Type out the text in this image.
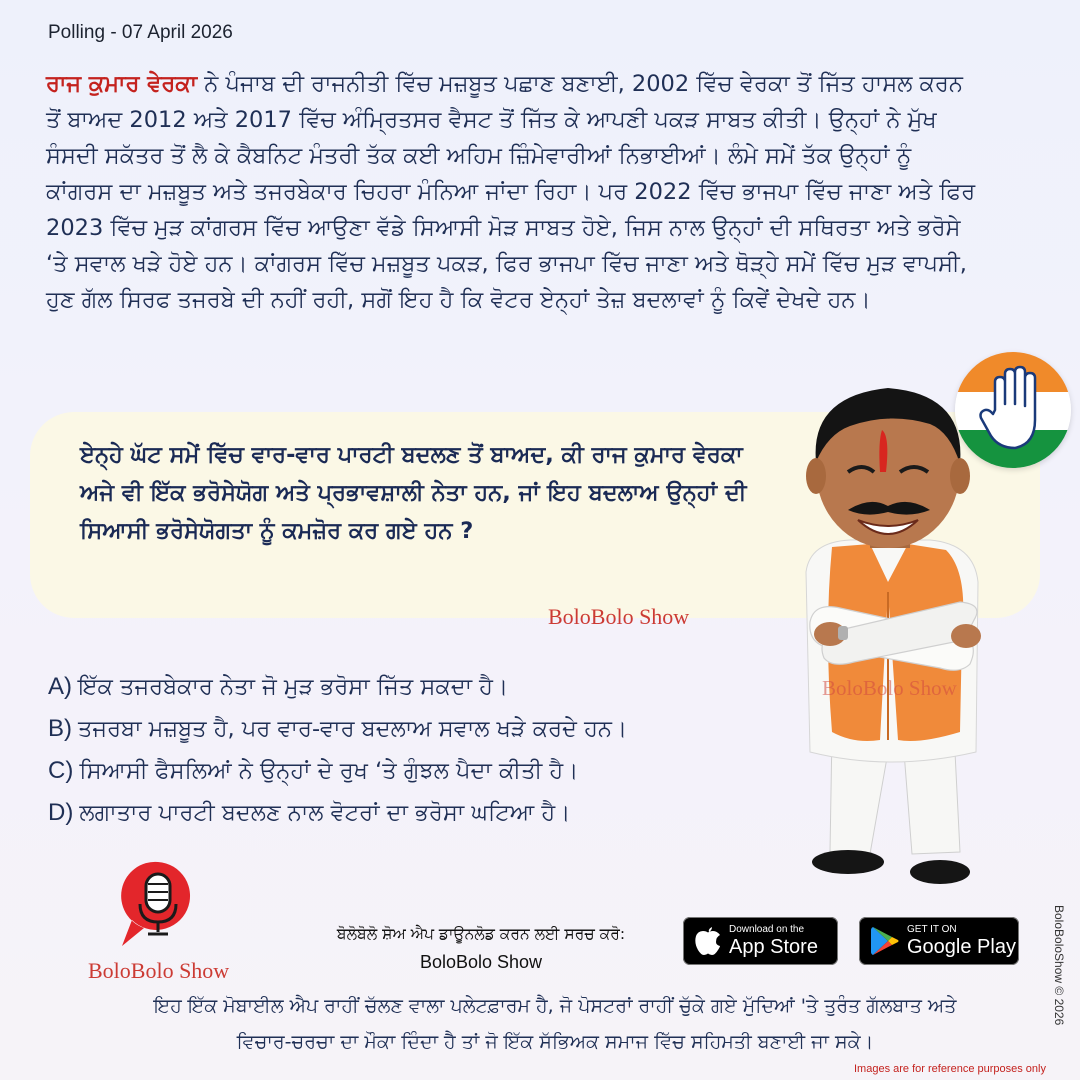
Polling - 07 April 2026

ਰਾਜ ਕੁਮਾਰ ਵੇਰਕਾ ਨੇ ਪੰਜਾਬ ਦੀ ਰਾਜਨੀਤੀ ਵਿੱਚ ਮਜ਼ਬੂਤ ਪਛਾਣ ਬਣਾਈ, 2002 ਵਿੱਚ ਵੇਰਕਾ ਤੋਂ ਜਿੱਤ ਹਾਸਲ ਕਰਨ ਤੋਂ ਬਾਅਦ 2012 ਅਤੇ 2017 ਵਿੱਚ ਅੰਮ੍ਰਿਤਸਰ ਵੈਸਟ ਤੋਂ ਜਿੱਤ ਕੇ ਆਪਣੀ ਪਕੜ ਸਾਬਤ ਕੀਤੀ। ਉਨ੍ਹਾਂ ਨੇ ਮੁੱਖ ਸੰਸਦੀ ਸਕੱਤਰ ਤੋਂ ਲੈ ਕੇ ਕੈਬਨਿਟ ਮੰਤਰੀ ਤੱਕ ਕਈ ਅਹਿਮ ਜ਼ਿੰਮੇਵਾਰੀਆਂ ਨਿਭਾਈਆਂ। ਲੰਮੇ ਸਮੇਂ ਤੱਕ ਉਨ੍ਹਾਂ ਨੂੰ ਕਾਂਗਰਸ ਦਾ ਮਜ਼ਬੂਤ ਅਤੇ ਤਜਰਬੇਕਾਰ ਚਿਹਰਾ ਮੰਨਿਆ ਜਾਂਦਾ ਰਿਹਾ। ਪਰ 2022 ਵਿੱਚ ਭਾਜਪਾ ਵਿੱਚ ਜਾਣਾ ਅਤੇ ਫਿਰ 2023 ਵਿੱਚ ਮੁੜ ਕਾਂਗਰਸ ਵਿੱਚ ਆਉਣਾ ਵੱਡੇ ਸਿਆਸੀ ਮੋੜ ਸਾਬਤ ਹੋਏ, ਜਿਸ ਨਾਲ ਉਨ੍ਹਾਂ ਦੀ ਸਥਿਰਤਾ ਅਤੇ ਭਰੋਸੇ ‘ਤੇ ਸਵਾਲ ਖੜੇ ਹੋਏ ਹਨ। ਕਾਂਗਰਸ ਵਿੱਚ ਮਜ਼ਬੂਤ ਪਕੜ, ਫਿਰ ਭਾਜਪਾ ਵਿੱਚ ਜਾਣਾ ਅਤੇ ਥੋੜ੍ਹੇ ਸਮੇਂ ਵਿੱਚ ਮੁੜ ਵਾਪਸੀ, ਹੁਣ ਗੱਲ ਸਿਰਫ ਤਜਰਬੇ ਦੀ ਨਹੀਂ ਰਹੀ, ਸਗੋਂ ਇਹ ਹੈ ਕਿ ਵੋਟਰ ਏਨ੍ਹਾਂ ਤੇਜ਼ ਬਦਲਾਵਾਂ ਨੂੰ ਕਿਵੇਂ ਦੇਖਦੇ ਹਨ।

ਏਨ੍ਹੇ ਘੱਟ ਸਮੇਂ ਵਿੱਚ ਵਾਰ-ਵਾਰ ਪਾਰਟੀ ਬਦਲਣ ਤੋਂ ਬਾਅਦ, ਕੀ ਰਾਜ ਕੁਮਾਰ ਵੇਰਕਾ ਅਜੇ ਵੀ ਇੱਕ ਭਰੋਸੇਯੋਗ ਅਤੇ ਪ੍ਰਭਾਵਸ਼ਾਲੀ ਨੇਤਾ ਹਨ, ਜਾਂ ਇਹ ਬਦਲਾਅ ਉਨ੍ਹਾਂ ਦੀ ਸਿਆਸੀ ਭਰੋਸੇਯੋਗਤਾ ਨੂੰ ਕਮਜ਼ੋਰ ਕਰ ਗਏ ਹਨ ?

BoloBolo Show
BoloBolo Show
A) ਇੱਕ ਤਜਰਬੇਕਾਰ ਨੇਤਾ ਜੋ ਮੁੜ ਭਰੋਸਾ ਜਿੱਤ ਸਕਦਾ ਹੈ।
B) ਤਜਰਬਾ ਮਜ਼ਬੂਤ ਹੈ, ਪਰ ਵਾਰ-ਵਾਰ ਬਦਲਾਅ ਸਵਾਲ ਖੜੇ ਕਰਦੇ ਹਨ।
C) ਸਿਆਸੀ ਫੈਸਲਿਆਂ ਨੇ ਉਨ੍ਹਾਂ ਦੇ ਰੁਖ ‘ਤੇ ਗੁੰਝਲ ਪੈਦਾ ਕੀਤੀ ਹੈ।
D) ਲਗਾਤਾਰ ਪਾਰਟੀ ਬਦਲਣ ਨਾਲ ਵੋਟਰਾਂ ਦਾ ਭਰੋਸਾ ਘਟਿਆ ਹੈ।
BoloBolo Show
ਬੋਲੋਬੋਲੋ ਸ਼ੋਅ ਐਪ ਡਾਊਨਲੋਡ ਕਰਨ ਲਈ ਸਰਚ ਕਰੋ:
BoloBolo Show
Download on the
App Store
GET IT ON
Google Play

ਇਹ ਇੱਕ ਮੋਬਾਈਲ ਐਪ ਰਾਹੀਂ ਚੱਲਣ ਵਾਲਾ ਪਲੇਟਫ਼ਾਰਮ ਹੈ, ਜੋ ਪੋਸਟਰਾਂ ਰਾਹੀਂ ਚੁੱਕੇ ਗਏ ਮੁੱਦਿਆਂ 'ਤੇ ਤੁਰੰਤ ਗੱਲਬਾਤ ਅਤੇ
ਵਿਚਾਰ-ਚਰਚਾ ਦਾ ਮੌਕਾ ਦਿੰਦਾ ਹੈ ਤਾਂ ਜੋ ਇੱਕ ਸੱਭਿਅਕ ਸਮਾਜ ਵਿੱਚ ਸਹਿਮਤੀ ਬਣਾਈ ਜਾ ਸਕੇ।

BoloBoloShow © 2026
Images are for reference purposes only
